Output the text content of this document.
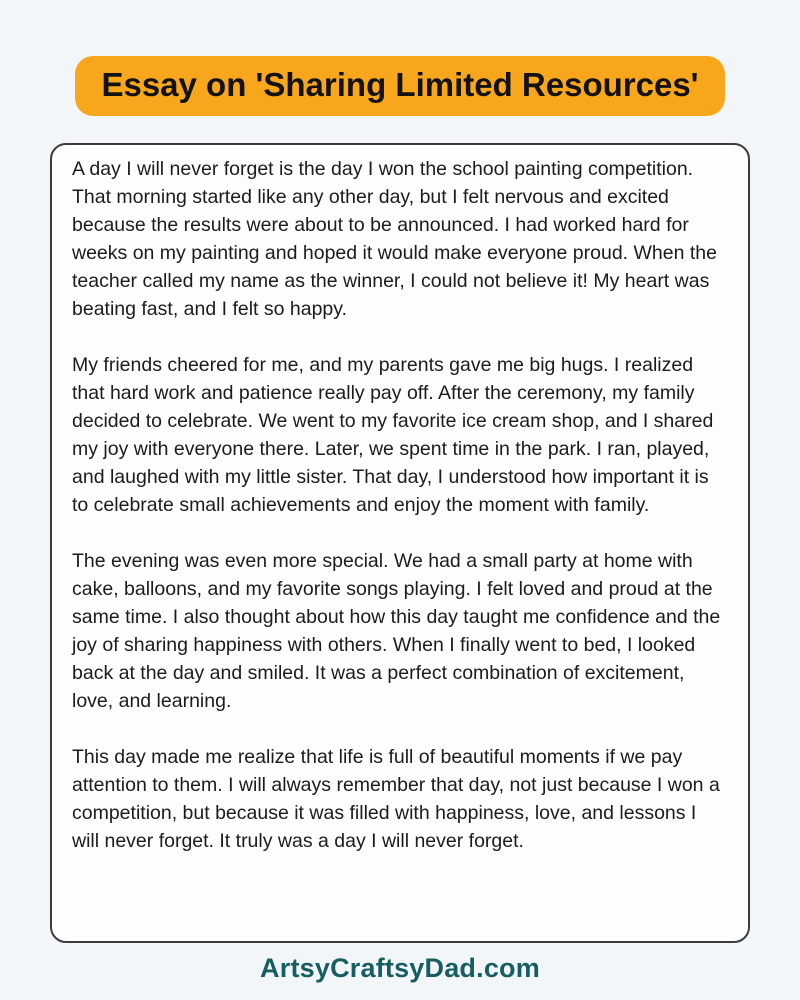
Essay on 'Sharing Limited Resources'

A day I will never forget is the day I won the school painting competition. That morning started like any other day, but I felt nervous and excited because the results were about to be announced. I had worked hard for weeks on my painting and hoped it would make everyone proud. When the teacher called my name as the winner, I could not believe it! My heart was beating fast, and I felt so happy.

My friends cheered for me, and my parents gave me big hugs. I realized that hard work and patience really pay off. After the ceremony, my family decided to celebrate. We went to my favorite ice cream shop, and I shared my joy with everyone there. Later, we spent time in the park. I ran, played, and laughed with my little sister. That day, I understood how important it is to celebrate small achievements and enjoy the moment with family.

The evening was even more special. We had a small party at home with cake, balloons, and my favorite songs playing. I felt loved and proud at the same time. I also thought about how this day taught me confidence and the joy of sharing happiness with others. When I finally went to bed, I looked back at the day and smiled. It was a perfect combination of excitement, love, and learning.

This day made me realize that life is full of beautiful moments if we pay attention to them. I will always remember that day, not just because I won a competition, but because it was filled with happiness, love, and lessons I will never forget. It truly was a day I will never forget.

ArtsyCraftsyDad.com
